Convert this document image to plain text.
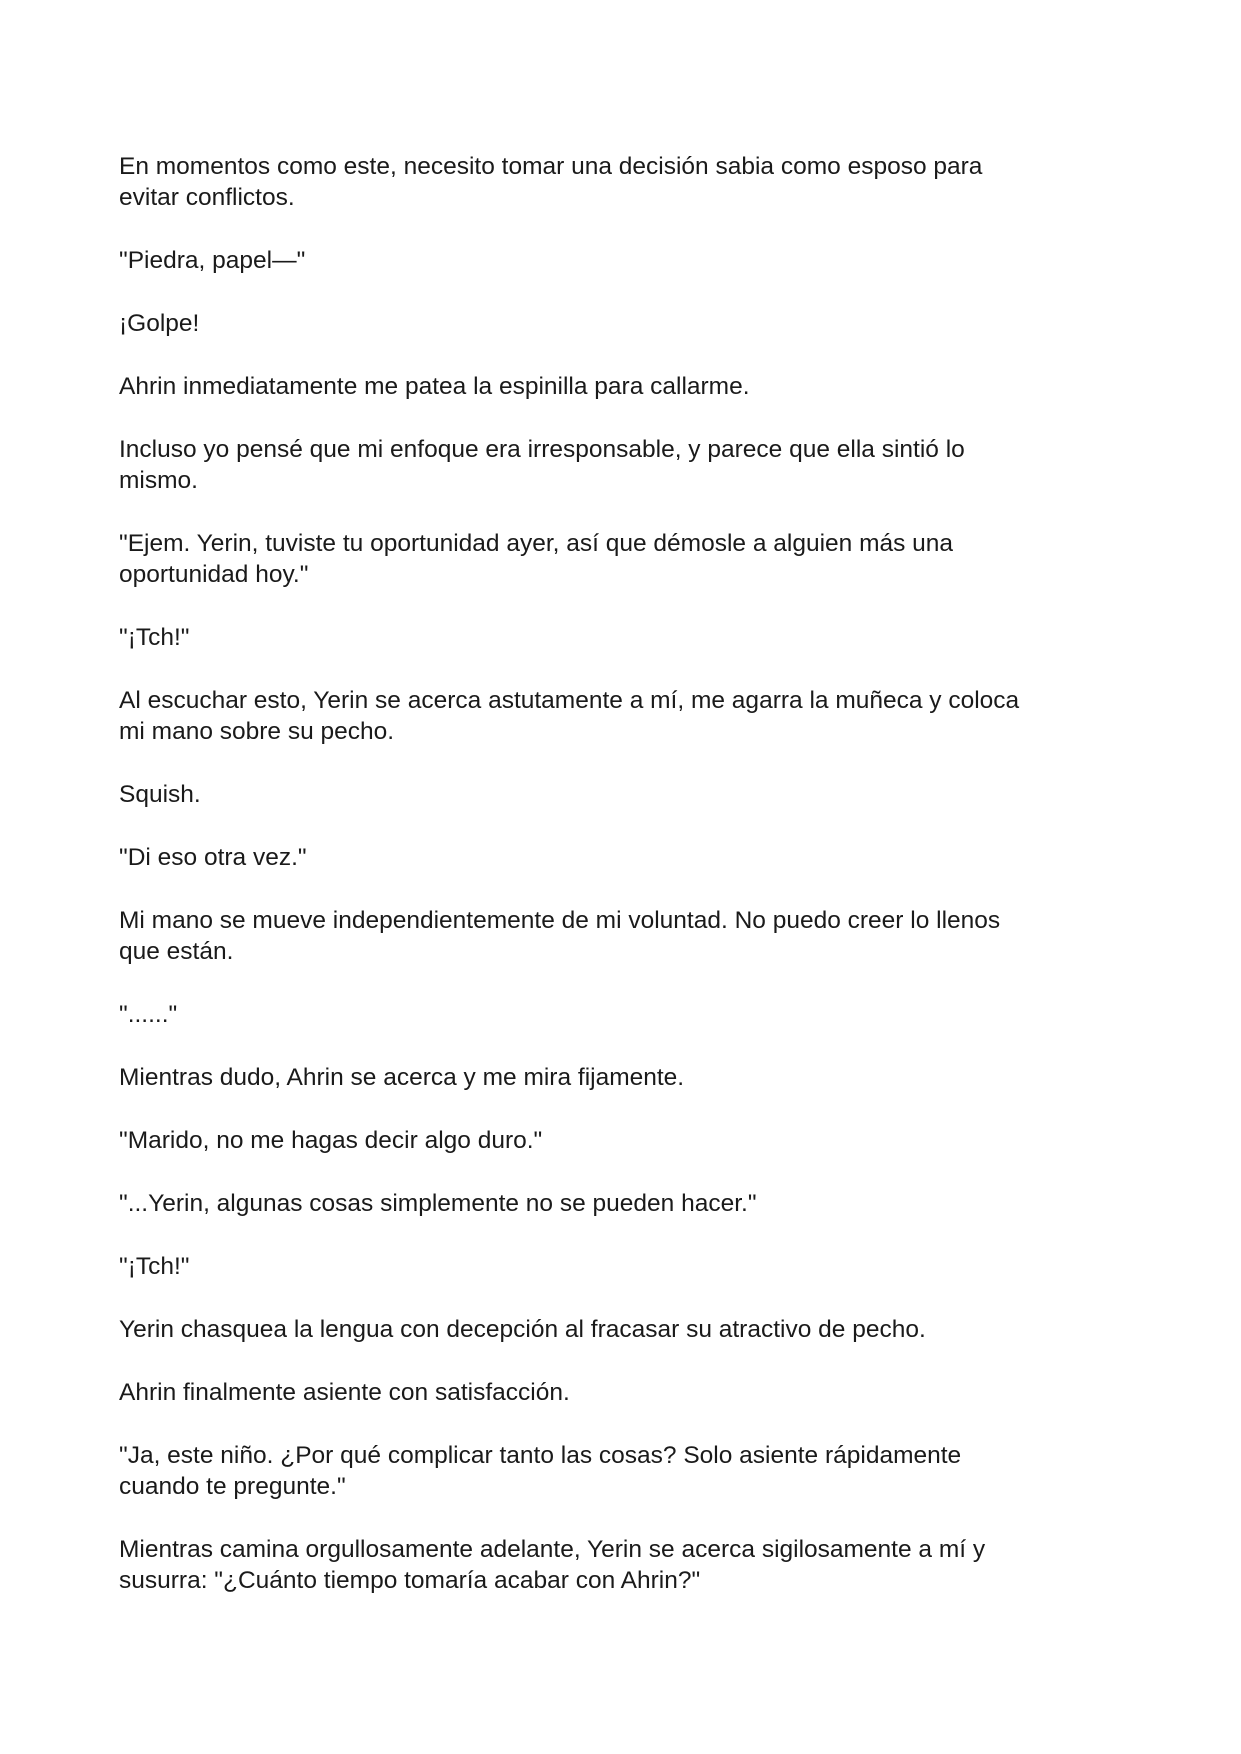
En momentos como este, necesito tomar una decisión sabia como esposo para
evitar conflictos.

"Piedra, papel—"

¡Golpe!

Ahrin inmediatamente me patea la espinilla para callarme.

Incluso yo pensé que mi enfoque era irresponsable, y parece que ella sintió lo
mismo.

"Ejem. Yerin, tuviste tu oportunidad ayer, así que démosle a alguien más una
oportunidad hoy."

"¡Tch!"

Al escuchar esto, Yerin se acerca astutamente a mí, me agarra la muñeca y coloca
mi mano sobre su pecho.

Squish.

"Di eso otra vez."

Mi mano se mueve independientemente de mi voluntad. No puedo creer lo llenos
que están.

"......"

Mientras dudo, Ahrin se acerca y me mira fijamente.

"Marido, no me hagas decir algo duro."

"...Yerin, algunas cosas simplemente no se pueden hacer."

"¡Tch!"

Yerin chasquea la lengua con decepción al fracasar su atractivo de pecho.

Ahrin finalmente asiente con satisfacción.

"Ja, este niño. ¿Por qué complicar tanto las cosas? Solo asiente rápidamente
cuando te pregunte."

Mientras camina orgullosamente adelante, Yerin se acerca sigilosamente a mí y
susurra: "¿Cuánto tiempo tomaría acabar con Ahrin?"
